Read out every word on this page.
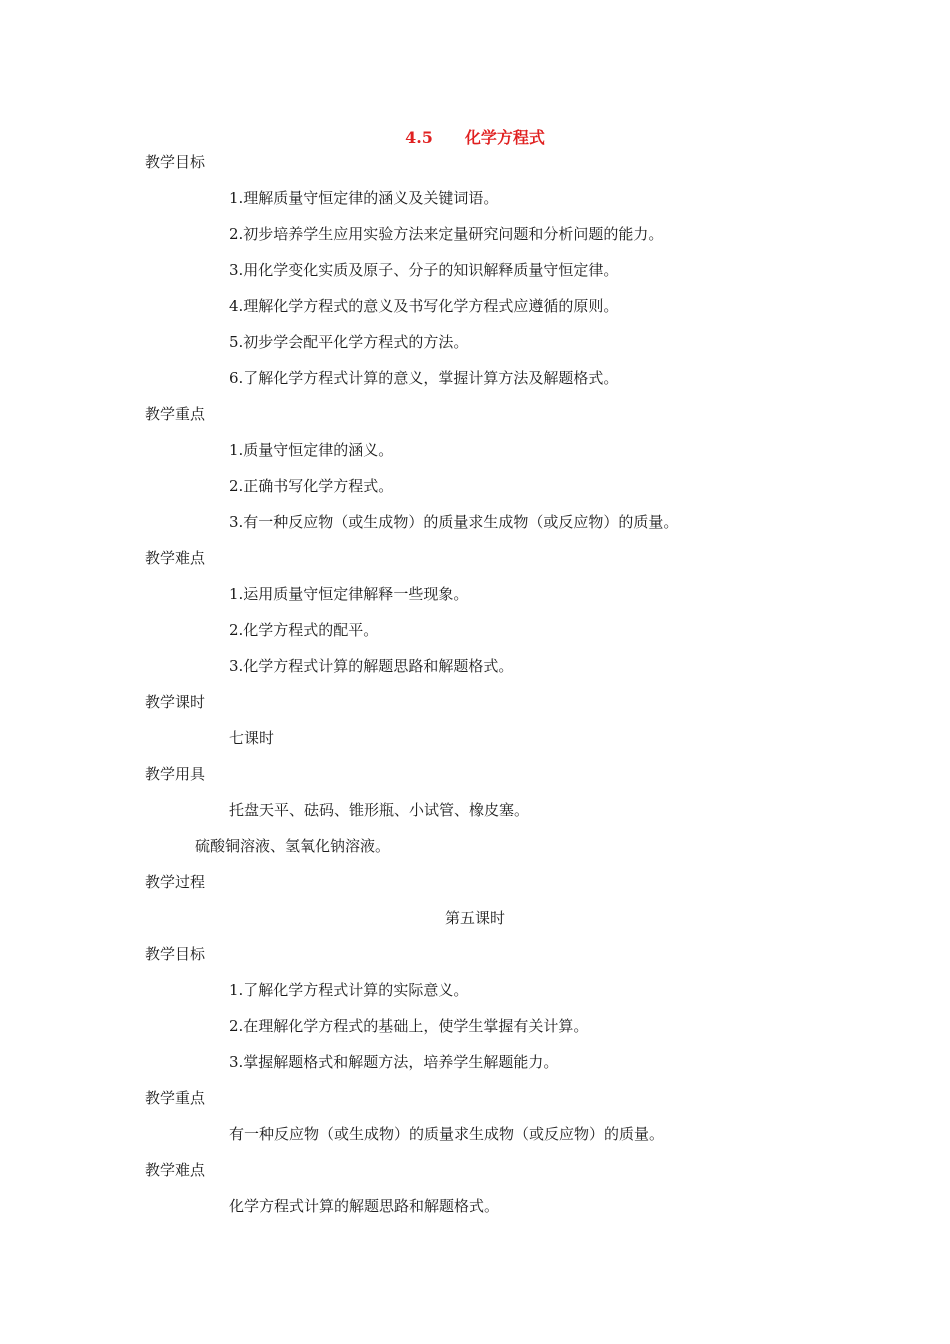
4.5 化学方程式
教学目标
1.理解质量守恒定律的涵义及关键词语。
2.初步培养学生应用实验方法来定量研究问题和分析问题的能力。
3.用化学变化实质及原子、分子的知识解释质量守恒定律。
4.理解化学方程式的意义及书写化学方程式应遵循的原则。
5.初步学会配平化学方程式的方法。
6.了解化学方程式计算的意义，掌握计算方法及解题格式。
教学重点
1.质量守恒定律的涵义。
2.正确书写化学方程式。
3.有一种反应物（或生成物）的质量求生成物（或反应物）的质量。
教学难点
1.运用质量守恒定律解释一些现象。
2.化学方程式的配平。
3.化学方程式计算的解题思路和解题格式。
教学课时
七课时
教学用具
托盘天平、砝码、锥形瓶、小试管、橡皮塞。
硫酸铜溶液、氢氧化钠溶液。
教学过程
第五课时
教学目标
1.了解化学方程式计算的实际意义。
2.在理解化学方程式的基础上，使学生掌握有关计算。
3.掌握解题格式和解题方法，培养学生解题能力。
教学重点
有一种反应物（或生成物）的质量求生成物（或反应物）的质量。
教学难点
化学方程式计算的解题思路和解题格式。
